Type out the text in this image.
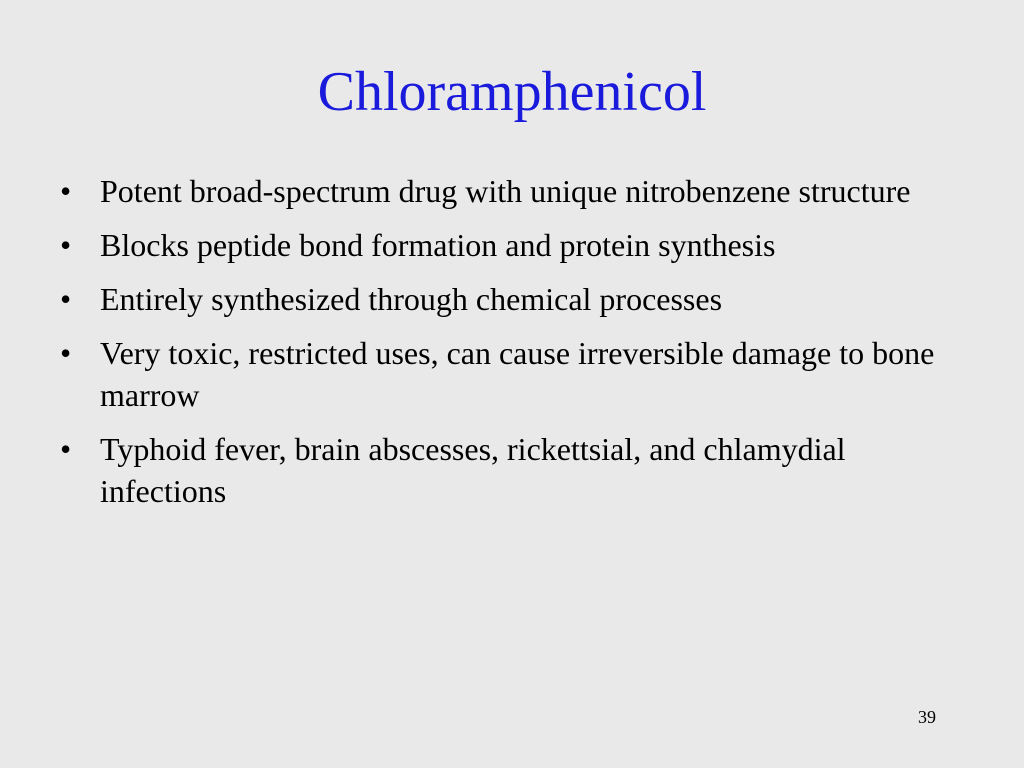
Chloramphenicol
• Potent broad-spectrum drug with unique nitrobenzene structure
• Blocks peptide bond formation and protein synthesis
• Entirely synthesized through chemical processes
• Very toxic, restricted uses, can cause irreversible damage to bone marrow
• Typhoid fever, brain abscesses, rickettsial, and chlamydial infections
39
